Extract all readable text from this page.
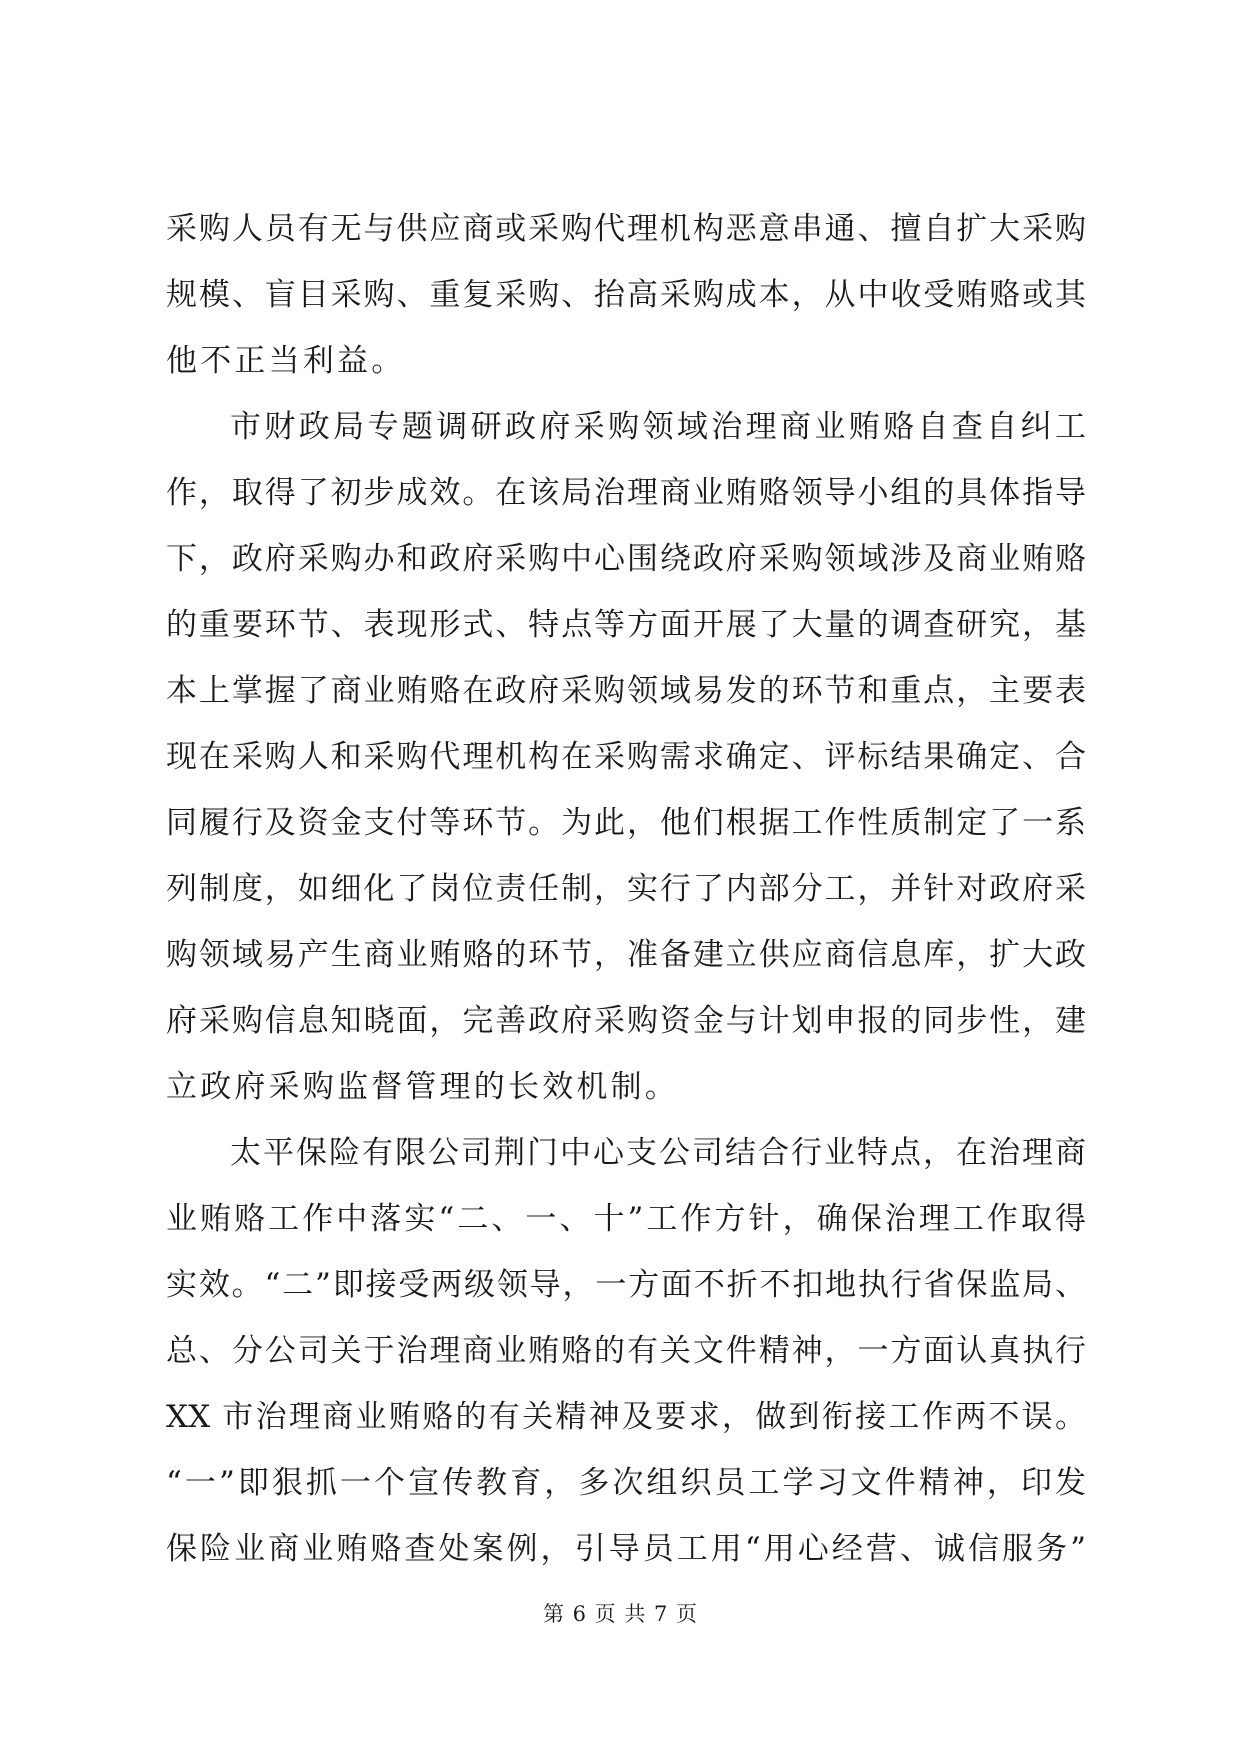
采购人员有无与供应商或采购代理机构恶意串通、擅自扩大采购
规模、盲目采购、重复采购、抬高采购成本，从中收受贿赂或其
他不正当利益。
市财政局专题调研政府采购领域治理商业贿赂自查自纠工
作，取得了初步成效。在该局治理商业贿赂领导小组的具体指导
下，政府采购办和政府采购中心围绕政府采购领域涉及商业贿赂
的重要环节、表现形式、特点等方面开展了大量的调查研究，基
本上掌握了商业贿赂在政府采购领域易发的环节和重点，主要表
现在采购人和采购代理机构在采购需求确定、评标结果确定、合
同履行及资金支付等环节。为此，他们根据工作性质制定了一系
列制度，如细化了岗位责任制，实行了内部分工，并针对政府采
购领域易产生商业贿赂的环节，准备建立供应商信息库，扩大政
府采购信息知晓面，完善政府采购资金与计划申报的同步性，建
立政府采购监督管理的长效机制。
太平保险有限公司荆门中心支公司结合行业特点，在治理商
业贿赂工作中落实“二、一、十”工作方针，确保治理工作取得
实效。“二”即接受两级领导，一方面不折不扣地执行省保监局、
总、分公司关于治理商业贿赂的有关文件精神，一方面认真执行
XX 市治理商业贿赂的有关精神及要求，做到衔接工作两不误。
“一”即狠抓一个宣传教育，多次组织员工学习文件精神，印发
保险业商业贿赂查处案例，引导员工用“用心经营、诚信服务”
第 6 页 共 7 页
